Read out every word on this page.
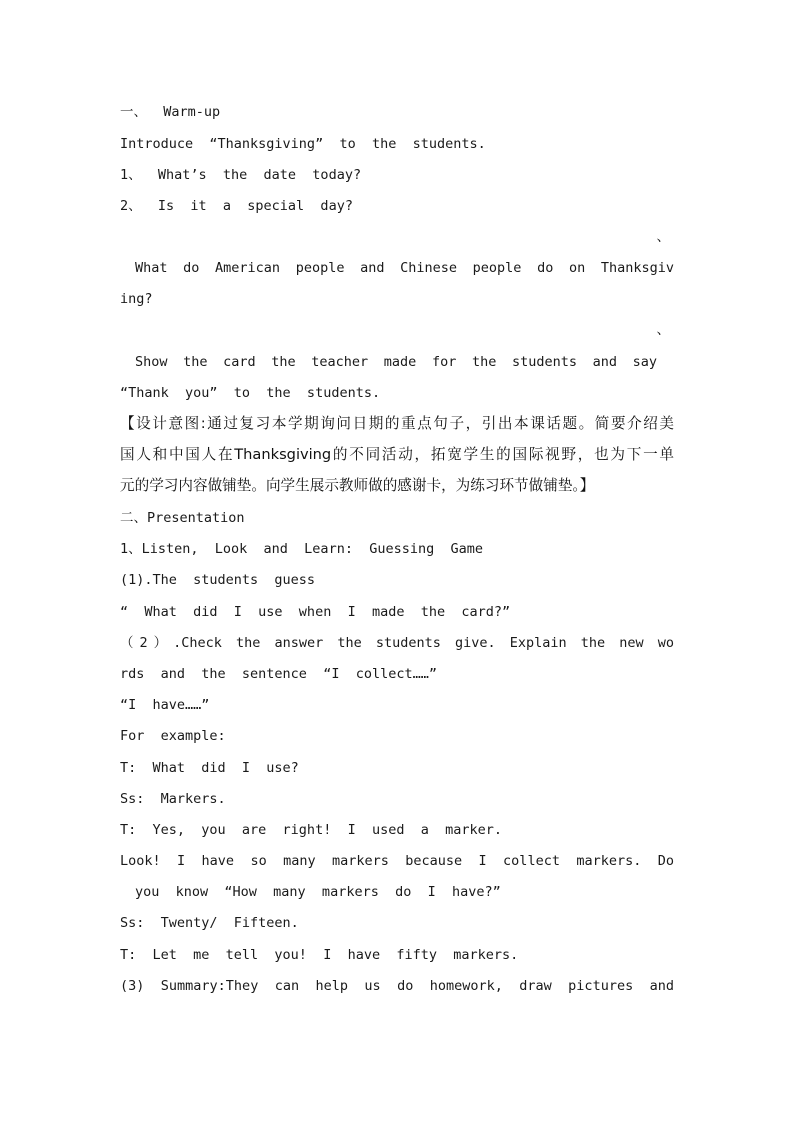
一、  Warm-up
Introduce  “Thanksgiving”  to  the  students.
1、  What’s  the  date  today?
2、  Is  it  a  special  day?

、

What do American people and Chinese people do on Thanksgiv
ing?

、

Show the card the teacher made for the students and say
“Thank  you”  to  the  students.
【设计意图:通过复习本学期询问日期的重点句子，引出本课话题。简要介绍美
国人和中国人在Thanksgiving的不同活动，拓宽学生的国际视野，也为下一单
元的学习内容做铺垫。向学生展示教师做的感谢卡，为练习环节做铺垫。】
二、Presentation
1、Listen,  Look  and  Learn:  Guessing  Game
(1).The  students  guess
“  What  did  I  use  when  I  made  the  card?”
（2）.Check the answer the students give. Explain the new wo
rds  and  the  sentence  “I  collect……”
“I  have……”
For  example:
T:  What  did  I  use?
Ss:  Markers.
T:  Yes,  you  are  right!  I  used  a  marker.
Look! I have so many markers because I collect markers. Do
you  know  “How  many  markers  do  I  have?”
Ss:  Twenty/  Fifteen.
T:  Let  me  tell  you!  I  have  fifty  markers.
(3) Summary:They can help us do homework, draw pictures and
